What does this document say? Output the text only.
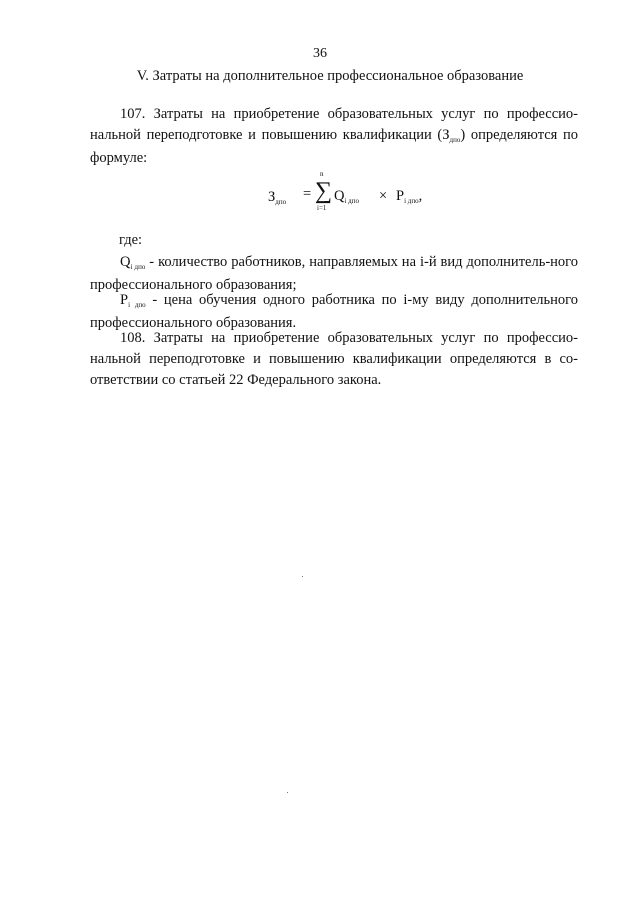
36
V. Затраты на дополнительное профессиональное образование
107. Затраты на приобретение образовательных услуг по профессио-нальной переподготовке и повышению квалификации $(З_{дпо})$ определяются по формуле:
$З_{дпо}$ =
n
∑
i=1
$Q_{i дпо} \times P_{i дпо}$,
где:
$Q_{i дпо}$ - количество работников, направляемых на i-й вид дополнитель-ного профессионального образования;
$P_{i дпо}$ - цена обучения одного работника по i-му виду дополнительного профессионального образования.
108. Затраты на приобретение образовательных услуг по профессио-нальной переподготовке и повышению квалификации определяются в со-ответствии со статьей 22 Федерального закона.
